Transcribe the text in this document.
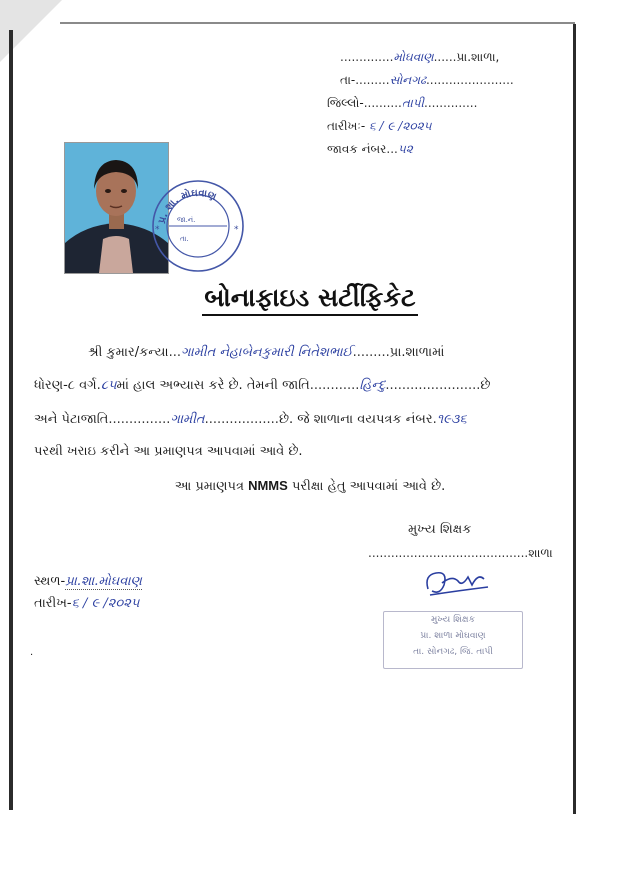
..............મોઘવાણ......પ્રા.શાળા,
તા-.........સોનગઢ.......................
જિલ્લો-..........તાપી..............
તારીખઃ- ૬ / ૯ /૨૦૨૫
જાવક નંબર...૫૨
પ્ર. શા. મોઘવાણ
જા.નં.
તા.
*	*
બોનાફાઇડ સર્ટીફિકેટ
શ્રી કુમાર/કન્યા...ગામીત નેહાબેનકુમારી નિતેશભાઈ.........પ્રા.શાળામાં
ધોરણ-૮ વર્ગ.૮૫માં હાલ અભ્યાસ કરે છે. તેમની જાતિ............હિન્દુ.......................છે
અને પેટાજાતિ...............ગામીત..................છે. જે શાળાના વયપત્રક નંબર.૧૯૩૬
પરથી ખરાઇ કરીને આ પ્રમાણપત્ર આપવામાં આવે છે.
આ પ્રમાણપત્ર NMMS પરીક્ષા હેતુ આપવામાં આવે છે.
મુખ્ય શિક્ષક
..........................................શાળા
સ્થળ-પ્રા.શા.મોઘવાણ
તારીખ-૬ / ૯ /૨૦૨૫
મુખ્ય શિક્ષક
પ્રા. શાળા મોઘવાણ
તા. સોનગઢ, જિ. તાપી
·
